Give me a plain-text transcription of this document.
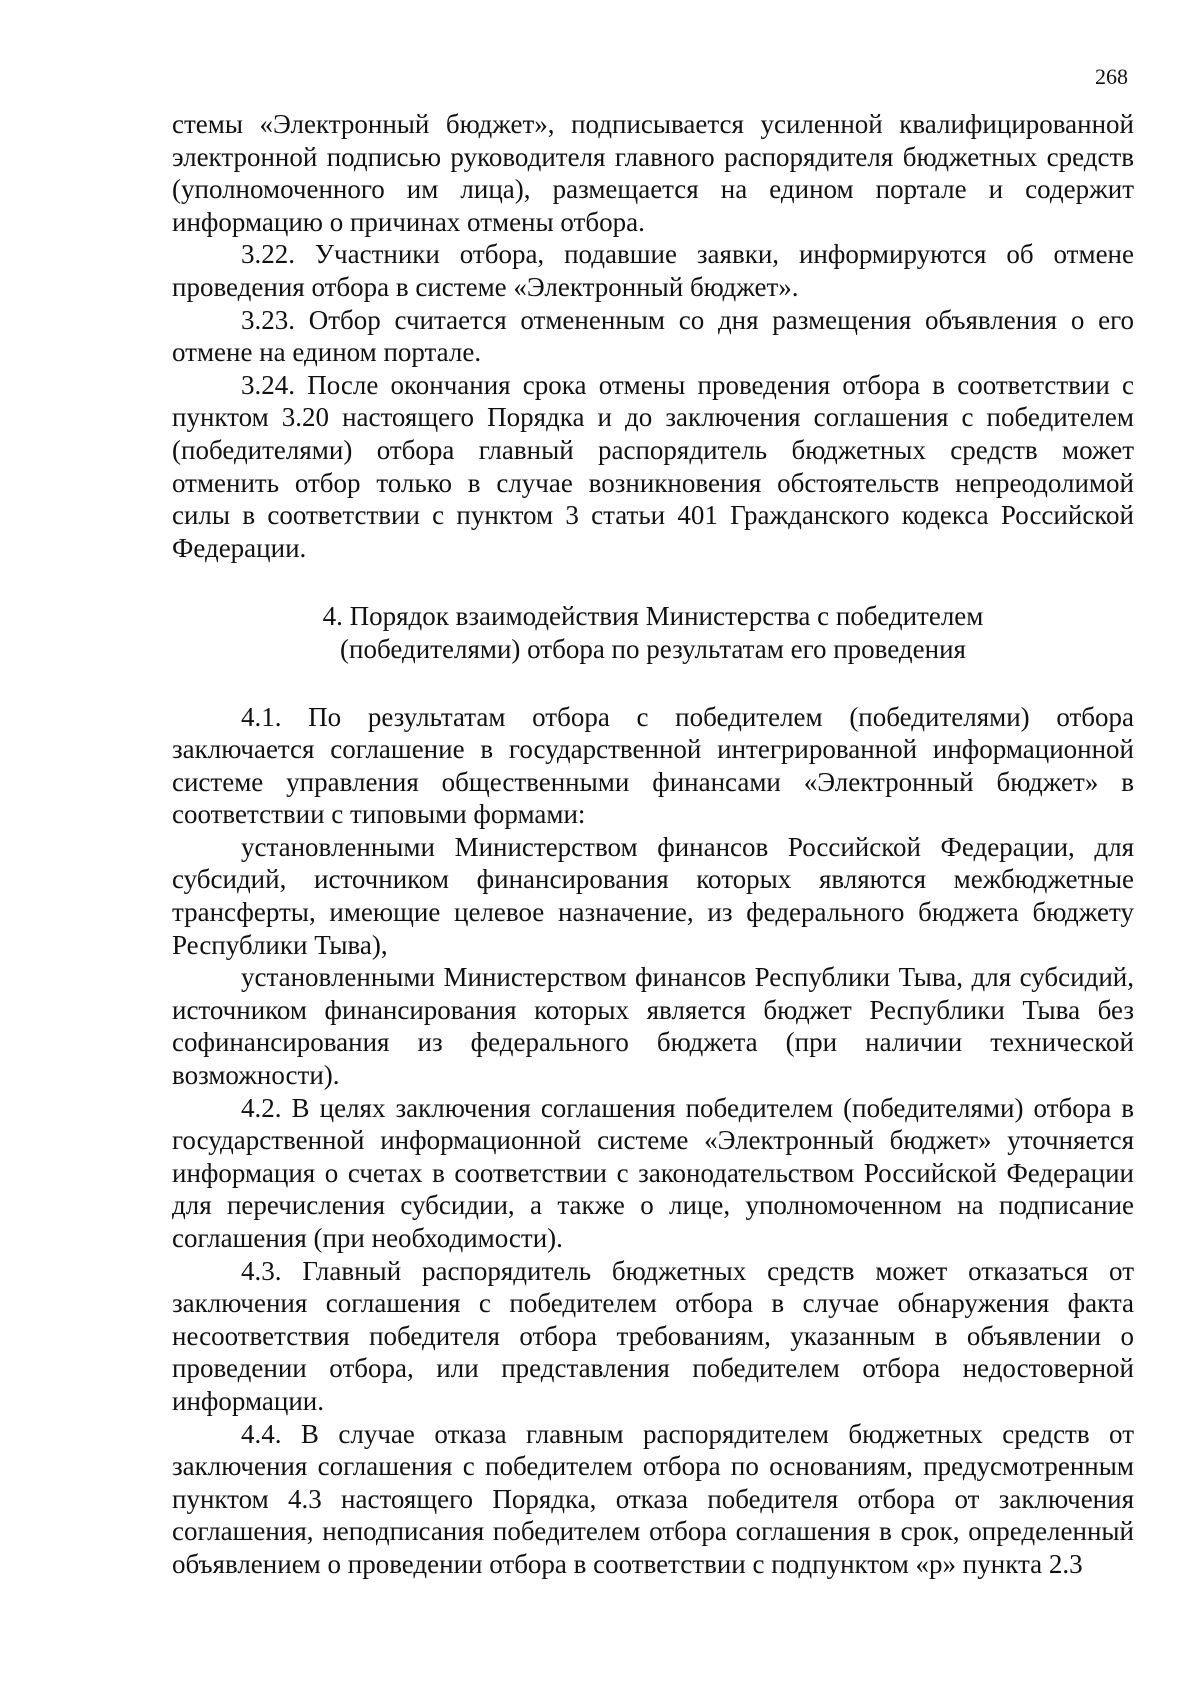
268

стемы «Электронный бюджет», подписывается усиленной квалифицированной электронной подписью руководителя главного распорядителя бюджетных средств (уполномоченного им лица), размещается на едином портале и содержит информацию о причинах отмены отбора.

3.22. Участники отбора, подавшие заявки, информируются об отмене проведения отбора в системе «Электронный бюджет».

3.23. Отбор считается отмененным со дня размещения объявления о его отмене на едином портале.

3.24. После окончания срока отмены проведения отбора в соответствии с пунктом 3.20 настоящего Порядка и до заключения соглашения с победителем (победителями) отбора главный распорядитель бюджетных средств может отменить отбор только в случае возникновения обстоятельств непреодолимой силы в соответствии с пунктом 3 статьи 401 Гражданского кодекса Российской Федерации.

4. Порядок взаимодействия Министерства с победителем
(победителями) отбора по результатам его проведения

4.1. По результатам отбора с победителем (победителями) отбора заключается соглашение в государственной интегрированной информационной системе управления общественными финансами «Электронный бюджет» в соответствии с типовыми формами:

установленными Министерством финансов Российской Федерации, для субсидий, источником финансирования которых являются межбюджетные трансферты, имеющие целевое назначение, из федерального бюджета бюджету Республики Тыва),

установленными Министерством финансов Республики Тыва, для субсидий, источником финансирования которых является бюджет Республики Тыва без софинансирования из федерального бюджета (при наличии технической возможности).

4.2. В целях заключения соглашения победителем (победителями) отбора в государственной информационной системе «Электронный бюджет» уточняется информация о счетах в соответствии с законодательством Российской Федерации для перечисления субсидии, а также о лице, уполномоченном на подписание соглашения (при необходимости).

4.3. Главный распорядитель бюджетных средств может отказаться от заключения соглашения с победителем отбора в случае обнаружения факта несоответствия победителя отбора требованиям, указанным в объявлении о проведении отбора, или представления победителем отбора недостоверной информации.

4.4. В случае отказа главным распорядителем бюджетных средств от заключения соглашения с победителем отбора по основаниям, предусмотренным пунктом 4.3 настоящего Порядка, отказа победителя отбора от заключения соглашения, неподписания победителем отбора соглашения в срок, определенный объявлением о проведении отбора в соответствии с подпунктом «р» пункта 2.3
